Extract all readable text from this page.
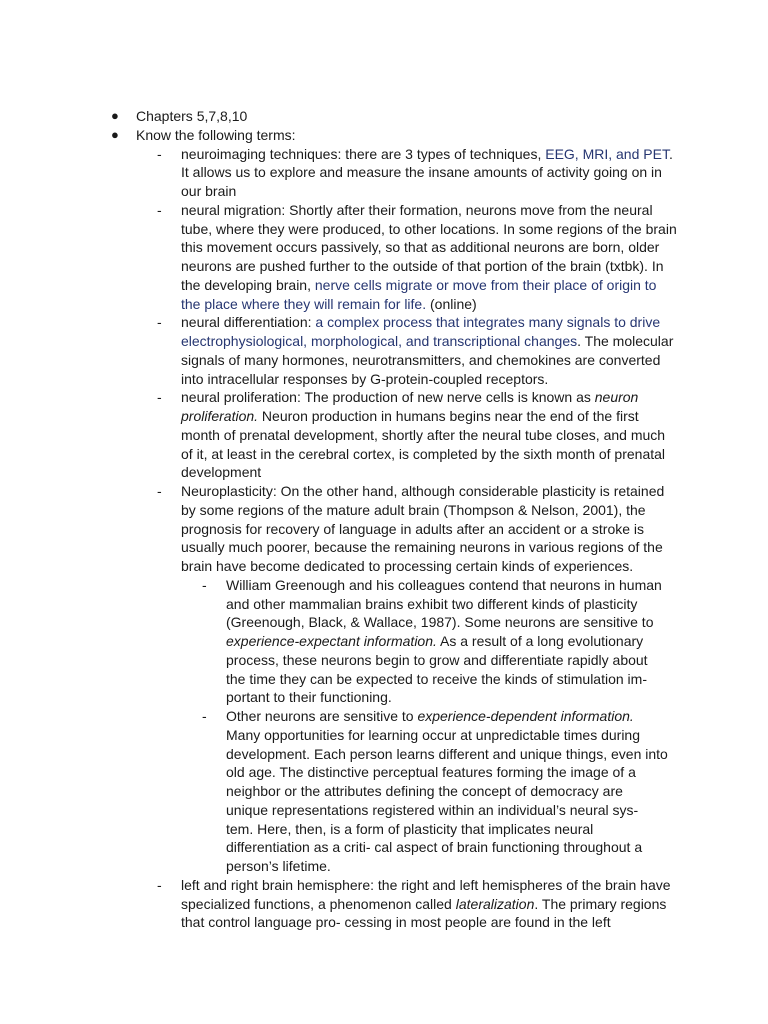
● Chapters 5,7,8,10
● Know the following terms:
- neuroimaging techniques: there are 3 types of techniques, EEG, MRI, and PET. It allows us to explore and measure the insane amounts of activity going on in our brain
- neural migration: Shortly after their formation, neurons move from the neural tube, where they were produced, to other locations. In some regions of the brain this movement occurs passively, so that as additional neurons are born, older neurons are pushed further to the outside of that portion of the brain (txtbk). In the developing brain, nerve cells migrate or move from their place of origin to the place where they will remain for life. (online)
- neural differentiation: a complex process that integrates many signals to drive electrophysiological, morphological, and transcriptional changes. The molecular signals of many hormones, neurotransmitters, and chemokines are converted into intracellular responses by G-protein-coupled receptors.
- neural proliferation: The production of new nerve cells is known as neuron proliferation. Neuron production in humans begins near the end of the first month of prenatal development, shortly after the neural tube closes, and much of it, at least in the cerebral cortex, is completed by the sixth month of prenatal development
- Neuroplasticity: On the other hand, although considerable plasticity is retained by some regions of the mature adult brain (Thompson & Nelson, 2001), the prognosis for recovery of language in adults after an accident or a stroke is usually much poorer, because the remaining neurons in various regions of the brain have become dedicated to processing certain kinds of experiences.
- William Greenough and his colleagues contend that neurons in human and other mammalian brains exhibit two different kinds of plasticity (Greenough, Black, & Wallace, 1987). Some neurons are sensitive to experience-expectant information. As a result of a long evolutionary process, these neurons begin to grow and differentiate rapidly about the time they can be expected to receive the kinds of stimulation im- portant to their functioning.
- Other neurons are sensitive to experience-dependent information. Many opportunities for learning occur at unpredictable times during development. Each person learns different and unique things, even into old age. The distinctive perceptual features forming the image of a neighbor or the attributes defining the concept of democracy are unique representations registered within an individual’s neural sys- tem. Here, then, is a form of plasticity that implicates neural differentiation as a criti- cal aspect of brain functioning throughout a person’s lifetime.
- left and right brain hemisphere: the right and left hemispheres of the brain have specialized functions, a phenomenon called lateralization. The primary regions that control language pro- cessing in most people are found in the left
